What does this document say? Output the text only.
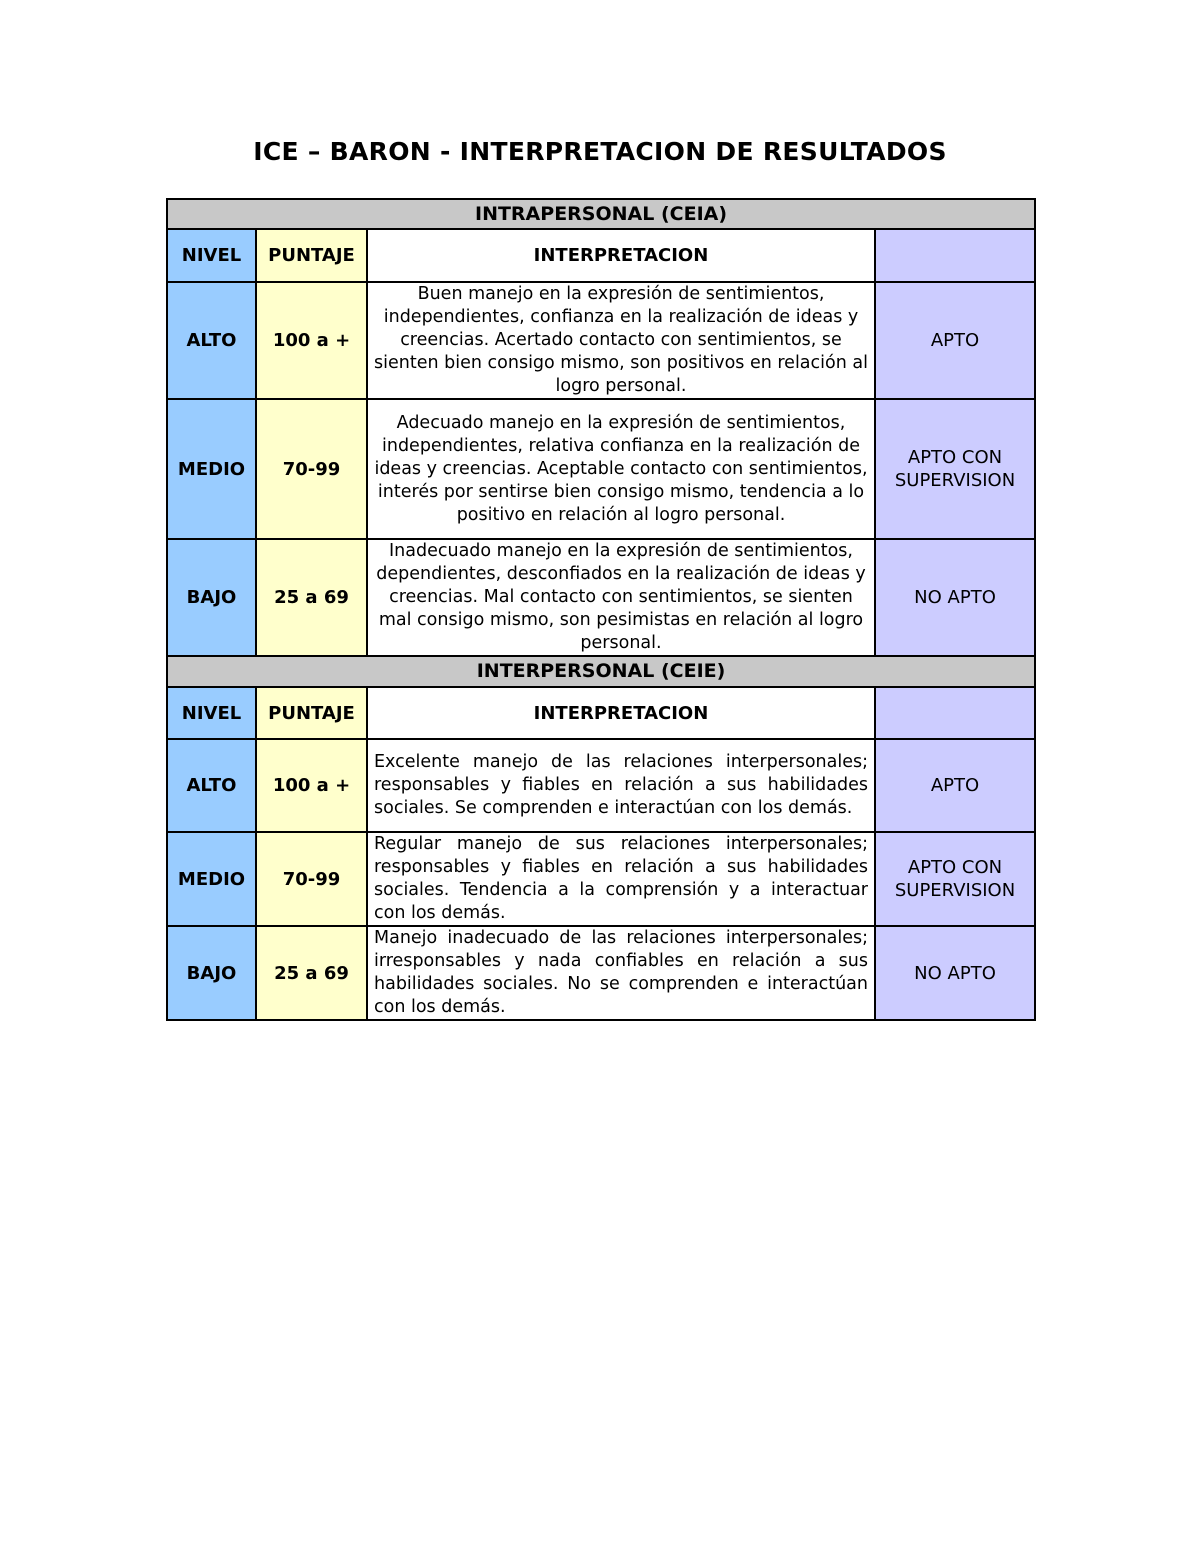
ICE – BARON - INTERPRETACION DE RESULTADOS
INTRAPERSONAL (CEIA)			
NIVEL	PUNTAJE	INTERPRETACION	
ALTO	100 a +	Buen manejo en la expresión de sentimientos, independientes, confianza en la realización de ideas y creencias. Acertado contacto con sentimientos, se sienten bien consigo mismo, son positivos en relación al logro personal.	APTO
MEDIO	70-99	Adecuado manejo en la expresión de sentimientos, independientes, relativa confianza en la realización de ideas y creencias. Aceptable contacto con sentimientos, interés por sentirse bien consigo mismo, tendencia a lo positivo en relación al logro personal.	APTO CON SUPERVISION
BAJO	25 a 69	Inadecuado manejo en la expresión de sentimientos, dependientes, desconfiados en la realización de ideas y creencias. Mal contacto con sentimientos, se sienten mal consigo mismo, son pesimistas en relación al logro personal.	NO APTO
INTERPERSONAL (CEIE)			
NIVEL	PUNTAJE	INTERPRETACION	
ALTO	100 a +	Excelente manejo de las relaciones interpersonales; responsables y fiables en relación a sus habilidades sociales. Se comprenden e interactúan con los demás.	APTO
MEDIO	70-99	Regular manejo de sus relaciones interpersonales; responsables y fiables en relación a sus habilidades sociales. Tendencia a la comprensión y a interactuar con los demás.	APTO CON SUPERVISION
BAJO	25 a 69	Manejo inadecuado de las relaciones interpersonales; irresponsables y nada confiables en relación a sus habilidades sociales. No se comprenden e interactúan con los demás.	NO APTO
